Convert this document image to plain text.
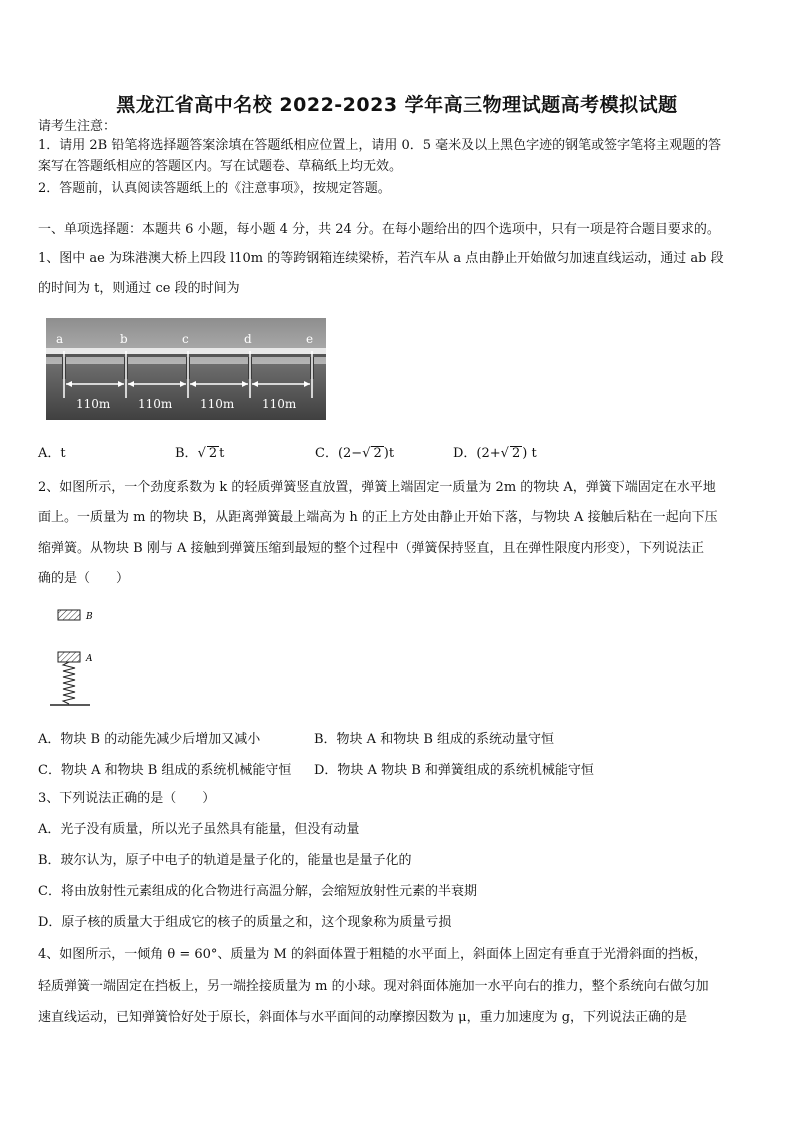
黑龙江省高中名校 2022-2023 学年高三物理试题高考模拟试题
请考生注意：
1．请用 2B 铅笔将选择题答案涂填在答题纸相应位置上，请用 0．5 毫米及以上黑色字迹的钢笔或签字笔将主观题的答
案写在答题纸相应的答题区内。写在试题卷、草稿纸上均无效。
2．答题前，认真阅读答题纸上的《注意事项》，按规定答题。
一、单项选择题：本题共 6 小题，每小题 4 分，共 24 分。在每小题给出的四个选项中，只有一项是符合题目要求的。
1、图中 ae 为珠港澳大桥上四段 l10m 的等跨钢箱连续梁桥，若汽车从 a 点由静止开始做匀加速直线运动，通过 ab 段
的时间为 t，则通过 ce 段的时间为
a	b	c	d	e
110m 110m 110m 110m
A．t	B．√ 2 t	C．(2−√ 2 )t	D．(2+√ 2 ) t
2、如图所示，一个劲度系数为 k 的轻质弹簧竖直放置，弹簧上端固定一质量为 2m 的物块 A，弹簧下端固定在水平地
面上。一质量为 m 的物块 B，从距离弹簧最上端高为 h 的正上方处由静止开始下落，与物块 A 接触后粘在一起向下压
缩弹簧。从物块 B 刚与 A 接触到弹簧压缩到最短的整个过程中（弹簧保持竖直，且在弹性限度内形变），下列说法正
确的是（　　）
B
A
A．物块 B 的动能先减少后增加又减小	B．物块 A 和物块 B 组成的系统动量守恒
C．物块 A 和物块 B 组成的系统机械能守恒 D．物块 A 物块 B 和弹簧组成的系统机械能守恒
3、下列说法正确的是（　　）
A．光子没有质量，所以光子虽然具有能量，但没有动量
B．玻尔认为，原子中电子的轨道是量子化的，能量也是量子化的
C．将由放射性元素组成的化合物进行高温分解，会缩短放射性元素的半衰期
D．原子核的质量大于组成它的核子的质量之和，这个现象称为质量亏损
4、如图所示，一倾角 θ = 60°、质量为 M 的斜面体置于粗糙的水平面上，斜面体上固定有垂直于光滑斜面的挡板，
轻质弹簧一端固定在挡板上，另一端拴接质量为 m 的小球。现对斜面体施加一水平向右的推力，整个系统向右做匀加
速直线运动，已知弹簧恰好处于原长，斜面体与水平面间的动摩擦因数为 μ，重力加速度为 g，下列说法正确的是
